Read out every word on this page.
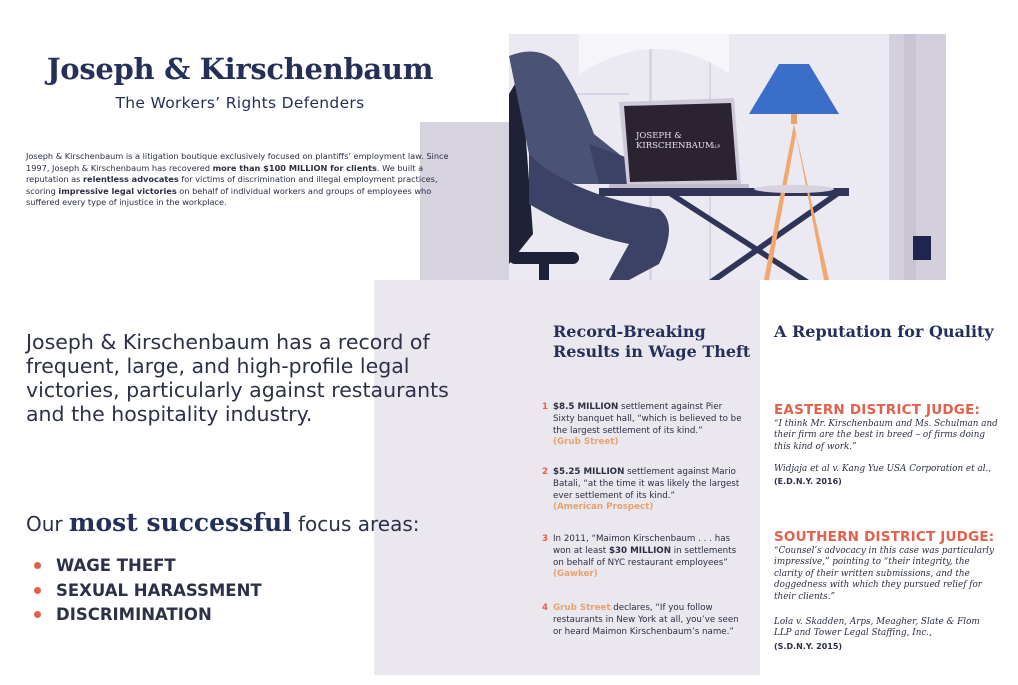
JOSEPH &
KIRSCHENBAUM LLP
Joseph & Kirschenbaum
The Workers’ Rights Defenders
Joseph & Kirschenbaum is a litigation boutique exclusively focused on plantiffs’ employment law. Since 1997, Joseph & Kirschenbaum has recovered more than $100 MILLION for clients. We built a reputation as relentless advocates for victims of discrimination and illegal employment practices, scoring impressive legal victories on behalf of individual workers and groups of employees who suffered every type of injustice in the workplace.
Joseph & Kirschenbaum has a record of frequent, large, and high-profile legal victories, particularly against restaurants and the hospitality industry.
Our most successful focus areas:
WAGE THEFT
SEXUAL HARASSMENT
DISCRIMINATION
Record-Breaking Results in Wage Theft
1 $8.5 MILLION settlement against Pier Sixty banquet hall, “which is believed to be the largest settlement of its kind.”
(Grub Street)
2 $5.25 MILLION settlement against Mario Batali, “at the time it was likely the largest ever settlement of its kind.”
(American Prospect)
3 In 2011, “Maimon Kirschenbaum . . . has won at least $30 MILLION in settlements on behalf of NYC restaurant employees”
(Gawker)
4 Grub Street declares, “If you follow restaurants in New York at all, you’ve seen or heard Maimon Kirschenbaum’s name.”
A Reputation for Quality
EASTERN DISTRICT JUDGE:
“I think Mr. Kirschenbaum and Ms. Schulman and their firm are the best in breed – of firms doing this kind of work.”
Widjaja et al v. Kang Yue USA Corporation et al.,
(E.D.N.Y. 2016)
SOUTHERN DISTRICT JUDGE:
“Counsel’s advocacy in this case was particularly impressive,” pointing to “their integrity, the clarity of their written submissions, and the doggedness with which they pursued relief for their clients.”
Lola v. Skadden, Arps, Meagher, Slate & Flom LLP and Tower Legal Staffing, Inc.,
(S.D.N.Y. 2015)
